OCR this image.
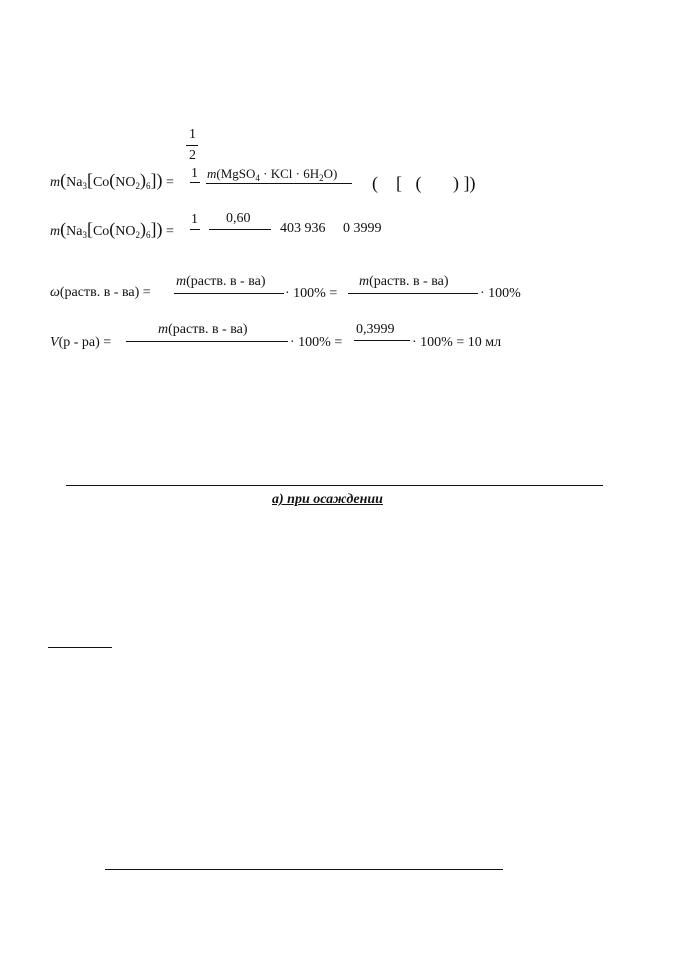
1
2
$m(Na_3[Co(NO_2)_6])$ =
1 m(MgSO$_4$ · KCl · $6H_2O$) (    [   (       ) ])
$m(Na_3[Co(NO_2)_6])$ =
1 0,60
403 936     0 3999
ω(раств. в - ва) =
m(раств. в - ва)
· 100% =
m(раств. в - ва)
· 100%
V(р - ра) =
m(раств. в - ва)
· 100% =
0,3999
· 100% = 10 мл
а) при осаждении
